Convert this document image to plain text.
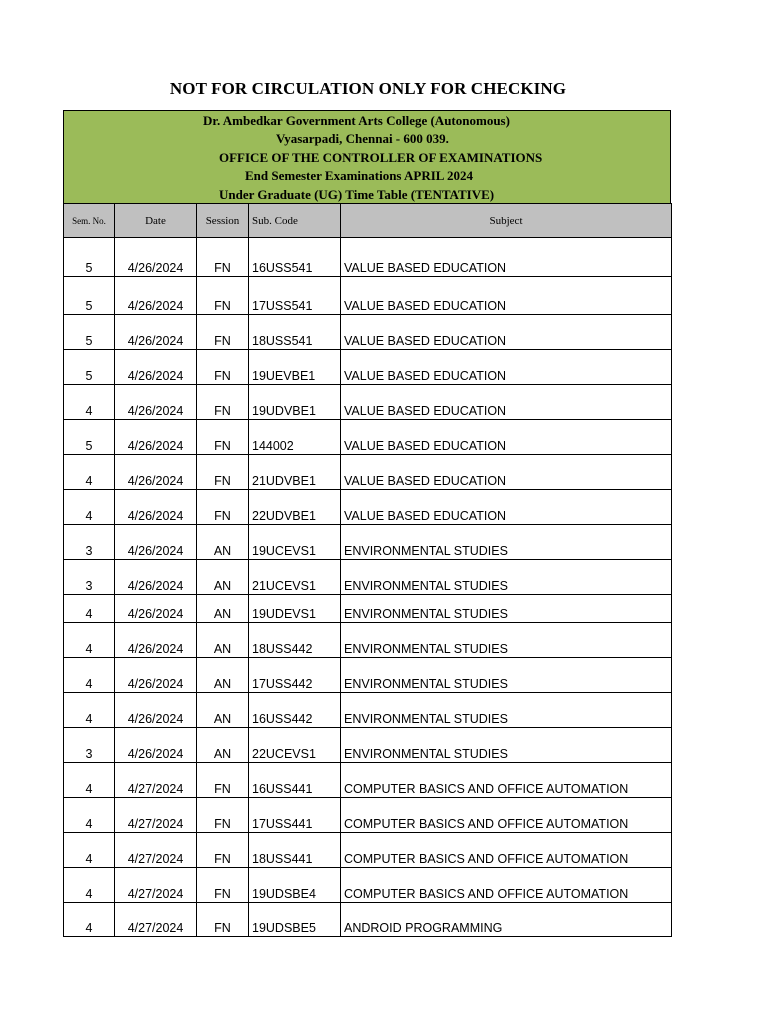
NOT FOR CIRCULATION ONLY FOR CHECKING
Dr. Ambedkar Government Arts College (Autonomous)
Vyasarpadi, Chennai - 600 039.
OFFICE OF THE CONTROLLER OF EXAMINATIONS
End Semester Examinations APRIL 2024
Under Graduate (UG) Time Table (TENTATIVE)
Sem. No.	Date	Session	Sub. Code	Subject
5	4/26/2024	FN	16USS541	VALUE BASED EDUCATION
5	4/26/2024	FN	17USS541	VALUE BASED EDUCATION
5	4/26/2024	FN	18USS541	VALUE BASED EDUCATION
5	4/26/2024	FN	19UEVBE1	VALUE BASED EDUCATION
4	4/26/2024	FN	19UDVBE1	VALUE BASED EDUCATION
5	4/26/2024	FN	144002	VALUE BASED EDUCATION
4	4/26/2024	FN	21UDVBE1	VALUE BASED EDUCATION
4	4/26/2024	FN	22UDVBE1	VALUE BASED EDUCATION
3	4/26/2024	AN	19UCEVS1	ENVIRONMENTAL STUDIES
3	4/26/2024	AN	21UCEVS1	ENVIRONMENTAL STUDIES
4	4/26/2024	AN	19UDEVS1	ENVIRONMENTAL STUDIES
4	4/26/2024	AN	18USS442	ENVIRONMENTAL STUDIES
4	4/26/2024	AN	17USS442	ENVIRONMENTAL STUDIES
4	4/26/2024	AN	16USS442	ENVIRONMENTAL STUDIES
3	4/26/2024	AN	22UCEVS1	ENVIRONMENTAL STUDIES
4	4/27/2024	FN	16USS441	COMPUTER BASICS AND OFFICE AUTOMATION
4	4/27/2024	FN	17USS441	COMPUTER BASICS AND OFFICE AUTOMATION
4	4/27/2024	FN	18USS441	COMPUTER BASICS AND OFFICE AUTOMATION
4	4/27/2024	FN	19UDSBE4	COMPUTER BASICS AND OFFICE AUTOMATION
4	4/27/2024	FN	19UDSBE5	ANDROID PROGRAMMING
